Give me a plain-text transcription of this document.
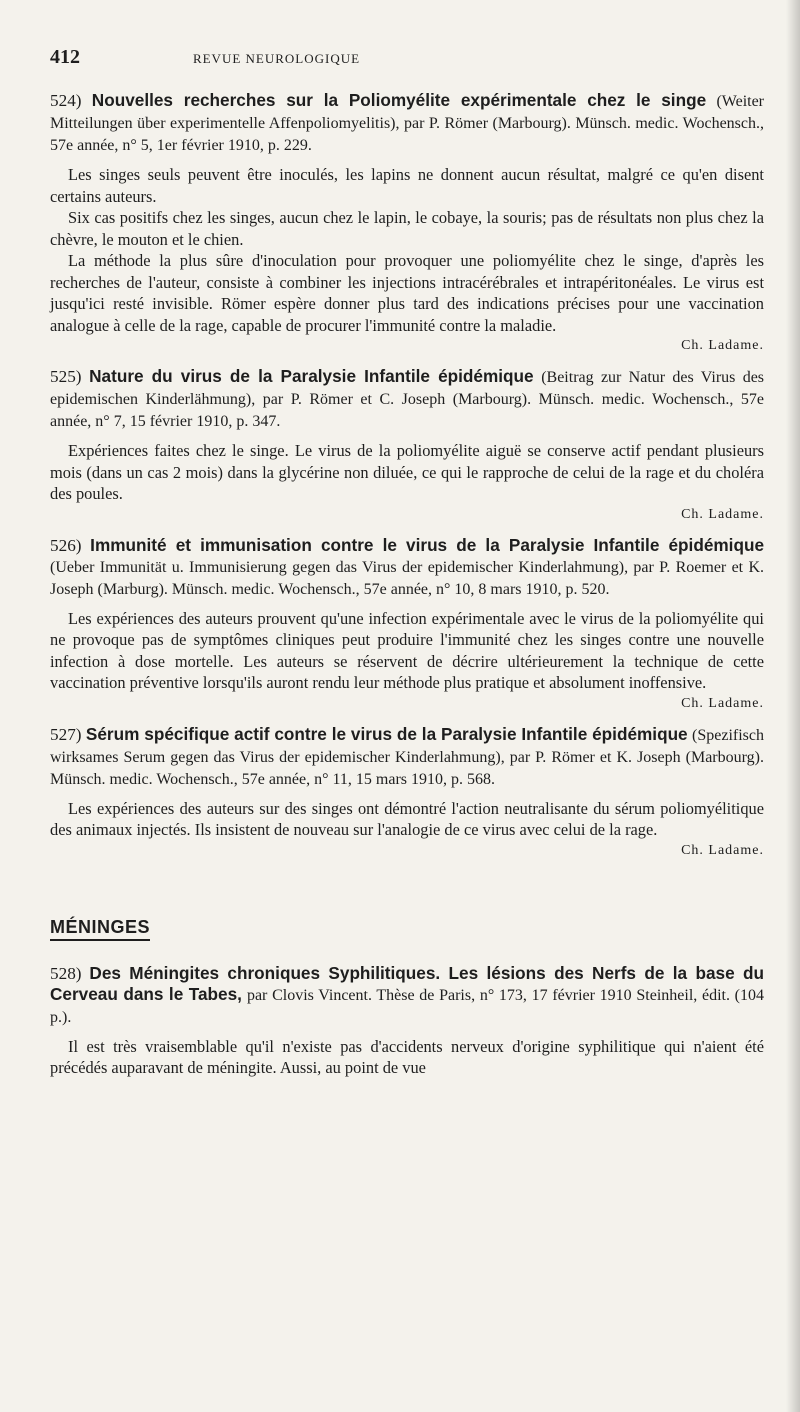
412	REVUE NEUROLOGIQUE

524) Nouvelles recherches sur la Poliomyélite expérimentale chez le singe (Weiter Mitteilungen über experimentelle Affenpoliomyelitis), par P. Römer (Marbourg). Münsch. medic. Wochensch., 57e année, n° 5, 1er février 1910, p. 229.

Les singes seuls peuvent être inoculés, les lapins ne donnent aucun résultat, malgré ce qu'en disent certains auteurs.

Six cas positifs chez les singes, aucun chez le lapin, le cobaye, la souris; pas de résultats non plus chez la chèvre, le mouton et le chien.

La méthode la plus sûre d'inoculation pour provoquer une poliomyélite chez le singe, d'après les recherches de l'auteur, consiste à combiner les injections intracérébrales et intrapéritonéales. Le virus est jusqu'ici resté invisible. Römer espère donner plus tard des indications précises pour une vaccination analogue à celle de la rage, capable de procurer l'immunité contre la maladie.

Ch. Ladame.

525) Nature du virus de la Paralysie Infantile épidémique (Beitrag zur Natur des Virus des epidemischen Kinderlähmung), par P. Römer et C. Joseph (Marbourg). Münsch. medic. Wochensch., 57e année, n° 7, 15 février 1910, p. 347.

Expériences faites chez le singe. Le virus de la poliomyélite aiguë se conserve actif pendant plusieurs mois (dans un cas 2 mois) dans la glycérine non diluée, ce qui le rapproche de celui de la rage et du choléra des poules.

Ch. Ladame.

526) Immunité et immunisation contre le virus de la Paralysie Infantile épidémique (Ueber Immunität u. Immunisierung gegen das Virus der epidemischer Kinderlahmung), par P. Roemer et K. Joseph (Marburg). Münsch. medic. Wochensch., 57e année, n° 10, 8 mars 1910, p. 520.

Les expériences des auteurs prouvent qu'une infection expérimentale avec le virus de la poliomyélite qui ne provoque pas de symptômes cliniques peut produire l'immunité chez les singes contre une nouvelle infection à dose mortelle. Les auteurs se réservent de décrire ultérieurement la technique de cette vaccination préventive lorsqu'ils auront rendu leur méthode plus pratique et absolument inoffensive.

Ch. Ladame.

527) Sérum spécifique actif contre le virus de la Paralysie Infantile épidémique (Spezifisch wirksames Serum gegen das Virus der epidemischer Kinderlahmung), par P. Römer et K. Joseph (Marbourg). Münsch. medic. Wochensch., 57e année, n° 11, 15 mars 1910, p. 568.

Les expériences des auteurs sur des singes ont démontré l'action neutralisante du sérum poliomyélitique des animaux injectés. Ils insistent de nouveau sur l'analogie de ce virus avec celui de la rage.

Ch. Ladame.

MÉNINGES

528) Des Méningites chroniques Syphilitiques. Les lésions des Nerfs de la base du Cerveau dans le Tabes, par Clovis Vincent. Thèse de Paris, n° 173, 17 février 1910 Steinheil, édit. (104 p.).

Il est très vraisemblable qu'il n'existe pas d'accidents nerveux d'origine syphilitique qui n'aient été précédés auparavant de méningite. Aussi, au point de vue
